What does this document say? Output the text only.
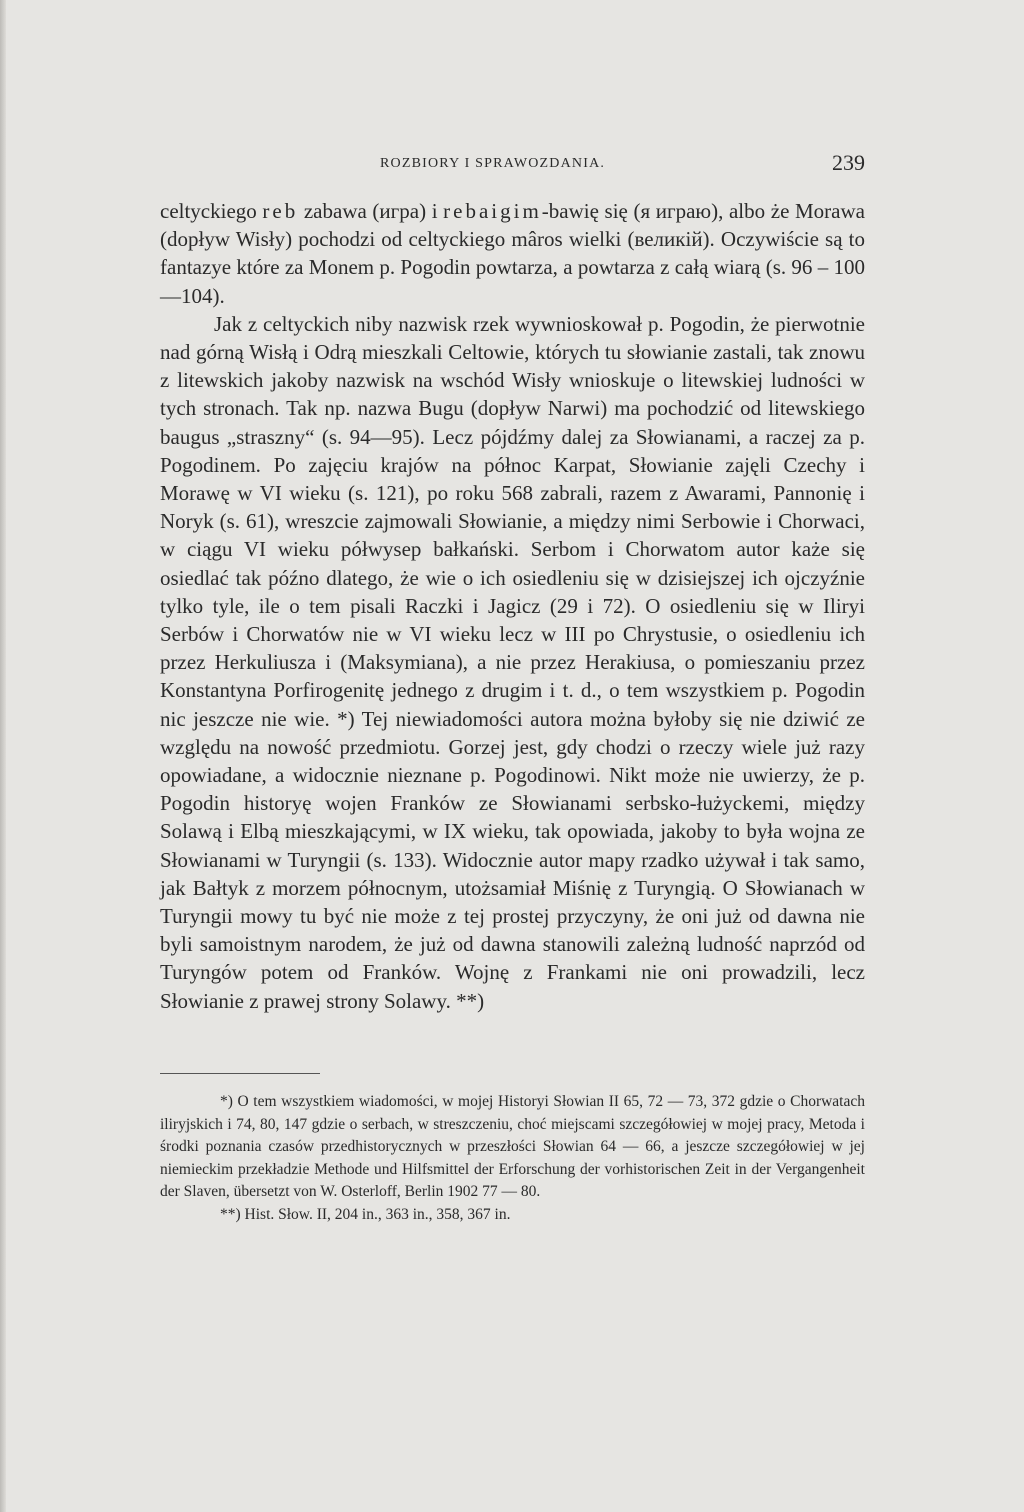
ROZBIORY I SPRAWOZDANIA.	239

celtyckiego reb zabawa (игра) i rebaigim-bawię się (я играю), albo że Morawa (dopływ Wisły) pochodzi od celtyckiego mâros wielki (великiй). Oczywiście są to fantazye które za Monem p. Pogodin powtarza, a powtarza z całą wiarą (s. 96 – 100—104).

Jak z celtyckich niby nazwisk rzek wywnioskował p. Pogodin, że pierwotnie nad górną Wisłą i Odrą mieszkali Celtowie, których tu słowianie zastali, tak znowu z litewskich jakoby nazwisk na wschód Wisły wnioskuje o litewskiej ludności w tych stronach. Tak np. nazwa Bugu (dopływ Narwi) ma pochodzić od litewskiego baugus „straszny“ (s. 94—95). Lecz pójdźmy dalej za Słowianami, a raczej za p. Pogodinem. Po zajęciu krajów na północ Karpat, Słowianie zajęli Czechy i Morawę w VI wieku (s. 121), po roku 568 zabrali, razem z Awarami, Pannonię i Noryk (s. 61), wreszcie zajmowali Słowianie, a między nimi Serbowie i Chorwaci, w ciągu VI wieku półwysep bałkański. Serbom i Chorwatom autor każe się osiedlać tak późno dlatego, że wie o ich osiedleniu się w dzisiejszej ich ojczyźnie tylko tyle, ile o tem pisali Raczki i Jagicz (29 i 72). O osiedleniu się w Iliryi Serbów i Chorwatów nie w VI wieku lecz w III po Chrystusie, o osiedleniu ich przez Herkuliusza i (Maksymiana), a nie przez Herakiusa, o pomieszaniu przez Konstantyna Porfirogenitę jednego z drugim i t. d., o tem wszystkiem p. Pogodin nic jeszcze nie wie. *) Tej niewiadomości autora można byłoby się nie dziwić ze względu na nowość przedmiotu. Gorzej jest, gdy chodzi o rzeczy wiele już razy opowiadane, a widocznie nieznane p. Pogodinowi. Nikt może nie uwierzy, że p. Pogodin historyę wojen Franków ze Słowianami serbsko-łużyckemi, między Solawą i Elbą mieszkającymi, w IX wieku, tak opowiada, jakoby to była wojna ze Słowianami w Turyngii (s. 133). Widocznie autor mapy rzadko używał i tak samo, jak Bałtyk z morzem północnym, utożsamiał Miśnię z Turyngią. O Słowianach w Turyngii mowy tu być nie może z tej prostej przyczyny, że oni już od dawna nie byli samoistnym narodem, że już od dawna stanowili zależną ludność naprzód od Turyngów potem od Franków. Wojnę z Frankami nie oni prowadzili, lecz Słowianie z prawej strony Solawy. **)

*) O tem wszystkiem wiadomości, w mojej Historyi Słowian II 65, 72 — 73, 372 gdzie o Chorwatach iliryjskich i 74, 80, 147 gdzie o serbach, w streszczeniu, choć miejscami szczegółowiej w mojej pracy, Metoda i środki poznania czasów przedhistorycznych w przeszłości Słowian 64 — 66, a jeszcze szczegółowiej w jej niemieckim przekładzie Methode und Hilfsmittel der Erforschung der vorhistorischen Zeit in der Vergangenheit der Slaven, übersetzt von W. Osterloff, Berlin 1902 77 — 80.

**) Hist. Słow. II, 204 in., 363 in., 358, 367 in.
